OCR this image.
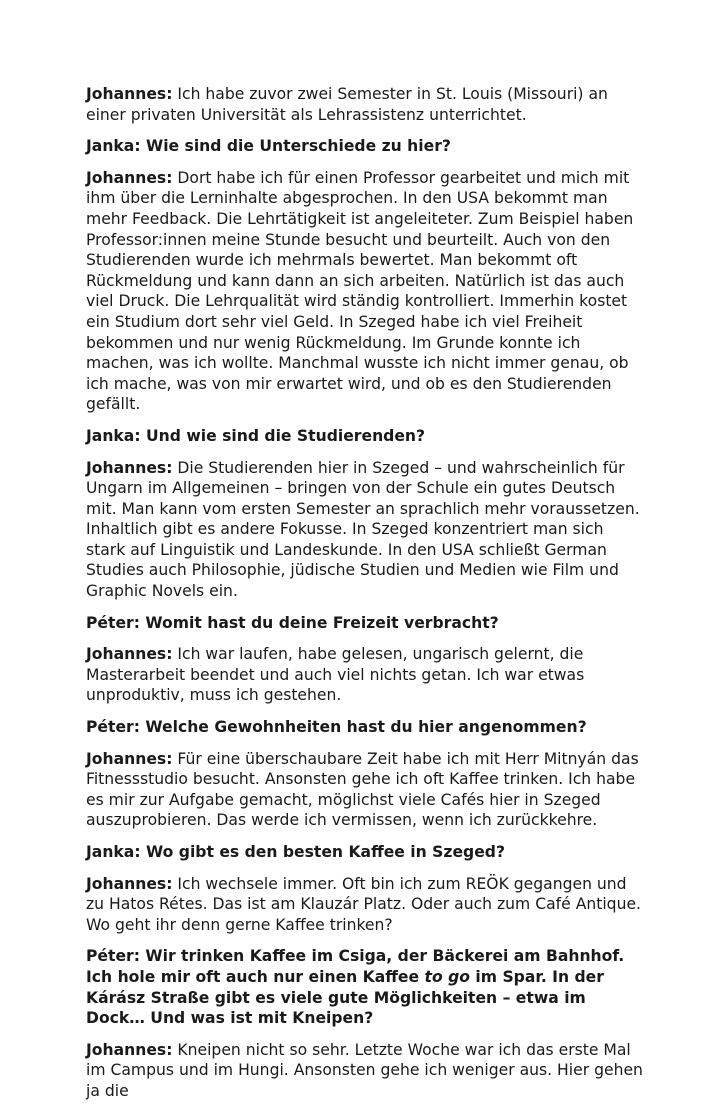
Johannes: Ich habe zuvor zwei Semester in St. Louis (Missouri) an einer privaten Universität als Lehrassistenz unterrichtet.

Janka: Wie sind die Unterschiede zu hier?

Johannes: Dort habe ich für einen Professor gearbeitet und mich mit ihm über die Lerninhalte abgesprochen. In den USA bekommt man mehr Feedback. Die Lehrtätigkeit ist angeleiteter. Zum Beispiel haben Professor:innen meine Stunde besucht und beurteilt. Auch von den Studierenden wurde ich mehrmals bewertet. Man bekommt oft Rückmeldung und kann dann an sich arbeiten. Natürlich ist das auch viel Druck. Die Lehrqualität wird ständig kontrolliert. Immerhin kostet ein Studium dort sehr viel Geld. In Szeged habe ich viel Freiheit bekommen und nur wenig Rückmeldung. Im Grunde konnte ich machen, was ich wollte. Manchmal wusste ich nicht immer genau, ob ich mache, was von mir erwartet wird, und ob es den Studierenden gefällt.

Janka: Und wie sind die Studierenden?

Johannes: Die Studierenden hier in Szeged – und wahrscheinlich für Ungarn im Allgemeinen – bringen von der Schule ein gutes Deutsch mit. Man kann vom ersten Semester an sprachlich mehr voraussetzen. Inhaltlich gibt es andere Fokusse. In Szeged konzentriert man sich stark auf Linguistik und Landeskunde. In den USA schließt German Studies auch Philosophie, jüdische Studien und Medien wie Film und Graphic Novels ein.

Péter: Womit hast du deine Freizeit verbracht?

Johannes: Ich war laufen, habe gelesen, ungarisch gelernt, die Masterarbeit beendet und auch viel nichts getan. Ich war etwas unproduktiv, muss ich gestehen.

Péter: Welche Gewohnheiten hast du hier angenommen?

Johannes: Für eine überschaubare Zeit habe ich mit Herr Mitnyán das Fitnessstudio besucht. Ansonsten gehe ich oft Kaffee trinken. Ich habe es mir zur Aufgabe gemacht, möglichst viele Cafés hier in Szeged auszuprobieren. Das werde ich vermissen, wenn ich zurückkehre.

Janka: Wo gibt es den besten Kaffee in Szeged?

Johannes: Ich wechsele immer. Oft bin ich zum REÖK gegangen und zu Hatos Rétes. Das ist am Klauzár Platz. Oder auch zum Café Antique. Wo geht ihr denn gerne Kaffee trinken?

Péter: Wir trinken Kaffee im Csiga, der Bäckerei am Bahnhof. Ich hole mir oft auch nur einen Kaffee to go im Spar. In der Kárász Straße gibt es viele gute Möglichkeiten – etwa im Dock… Und was ist mit Kneipen?

Johannes: Kneipen nicht so sehr. Letzte Woche war ich das erste Mal im Campus und im Hungi. Ansonsten gehe ich weniger aus. Hier gehen ja die
